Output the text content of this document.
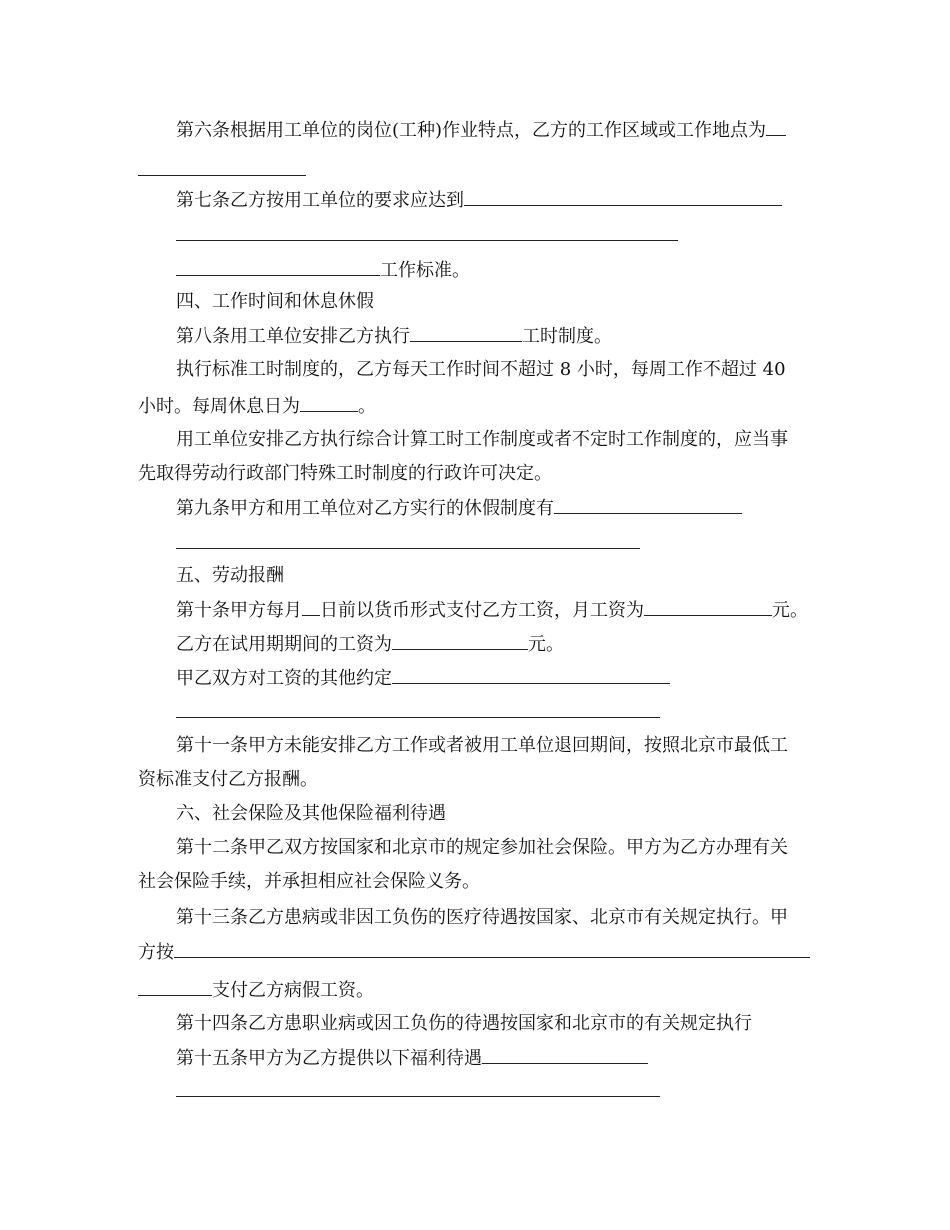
第六条根据用工单位的岗位(工种)作业特点，乙方的工作区域或工作地点为
第七条乙方按用工单位的要求应达到
工作标准。
四、工作时间和休息休假
第八条用工单位安排乙方执行	工时制度。
执行标准工时制度的，乙方每天工作时间不超过 8 小时，每周工作不超过 40
小时。每周休息日为	。
用工单位安排乙方执行综合计算工时工作制度或者不定时工作制度的，应当事
先取得劳动行政部门特殊工时制度的行政许可决定。
第九条甲方和用工单位对乙方实行的休假制度有
五、劳动报酬
第十条甲方每月 日前以货币形式支付乙方工资，月工资为	元。
乙方在试用期期间的工资为	元。
甲乙双方对工资的其他约定
第十一条甲方未能安排乙方工作或者被用工单位退回期间，按照北京市最低工
资标准支付乙方报酬。
六、社会保险及其他保险福利待遇
第十二条甲乙双方按国家和北京市的规定参加社会保险。甲方为乙方办理有关
社会保险手续，并承担相应社会保险义务。
第十三条乙方患病或非因工负伤的医疗待遇按国家、北京市有关规定执行。甲
方按
支付乙方病假工资。
第十四条乙方患职业病或因工负伤的待遇按国家和北京市的有关规定执行
第十五条甲方为乙方提供以下福利待遇
